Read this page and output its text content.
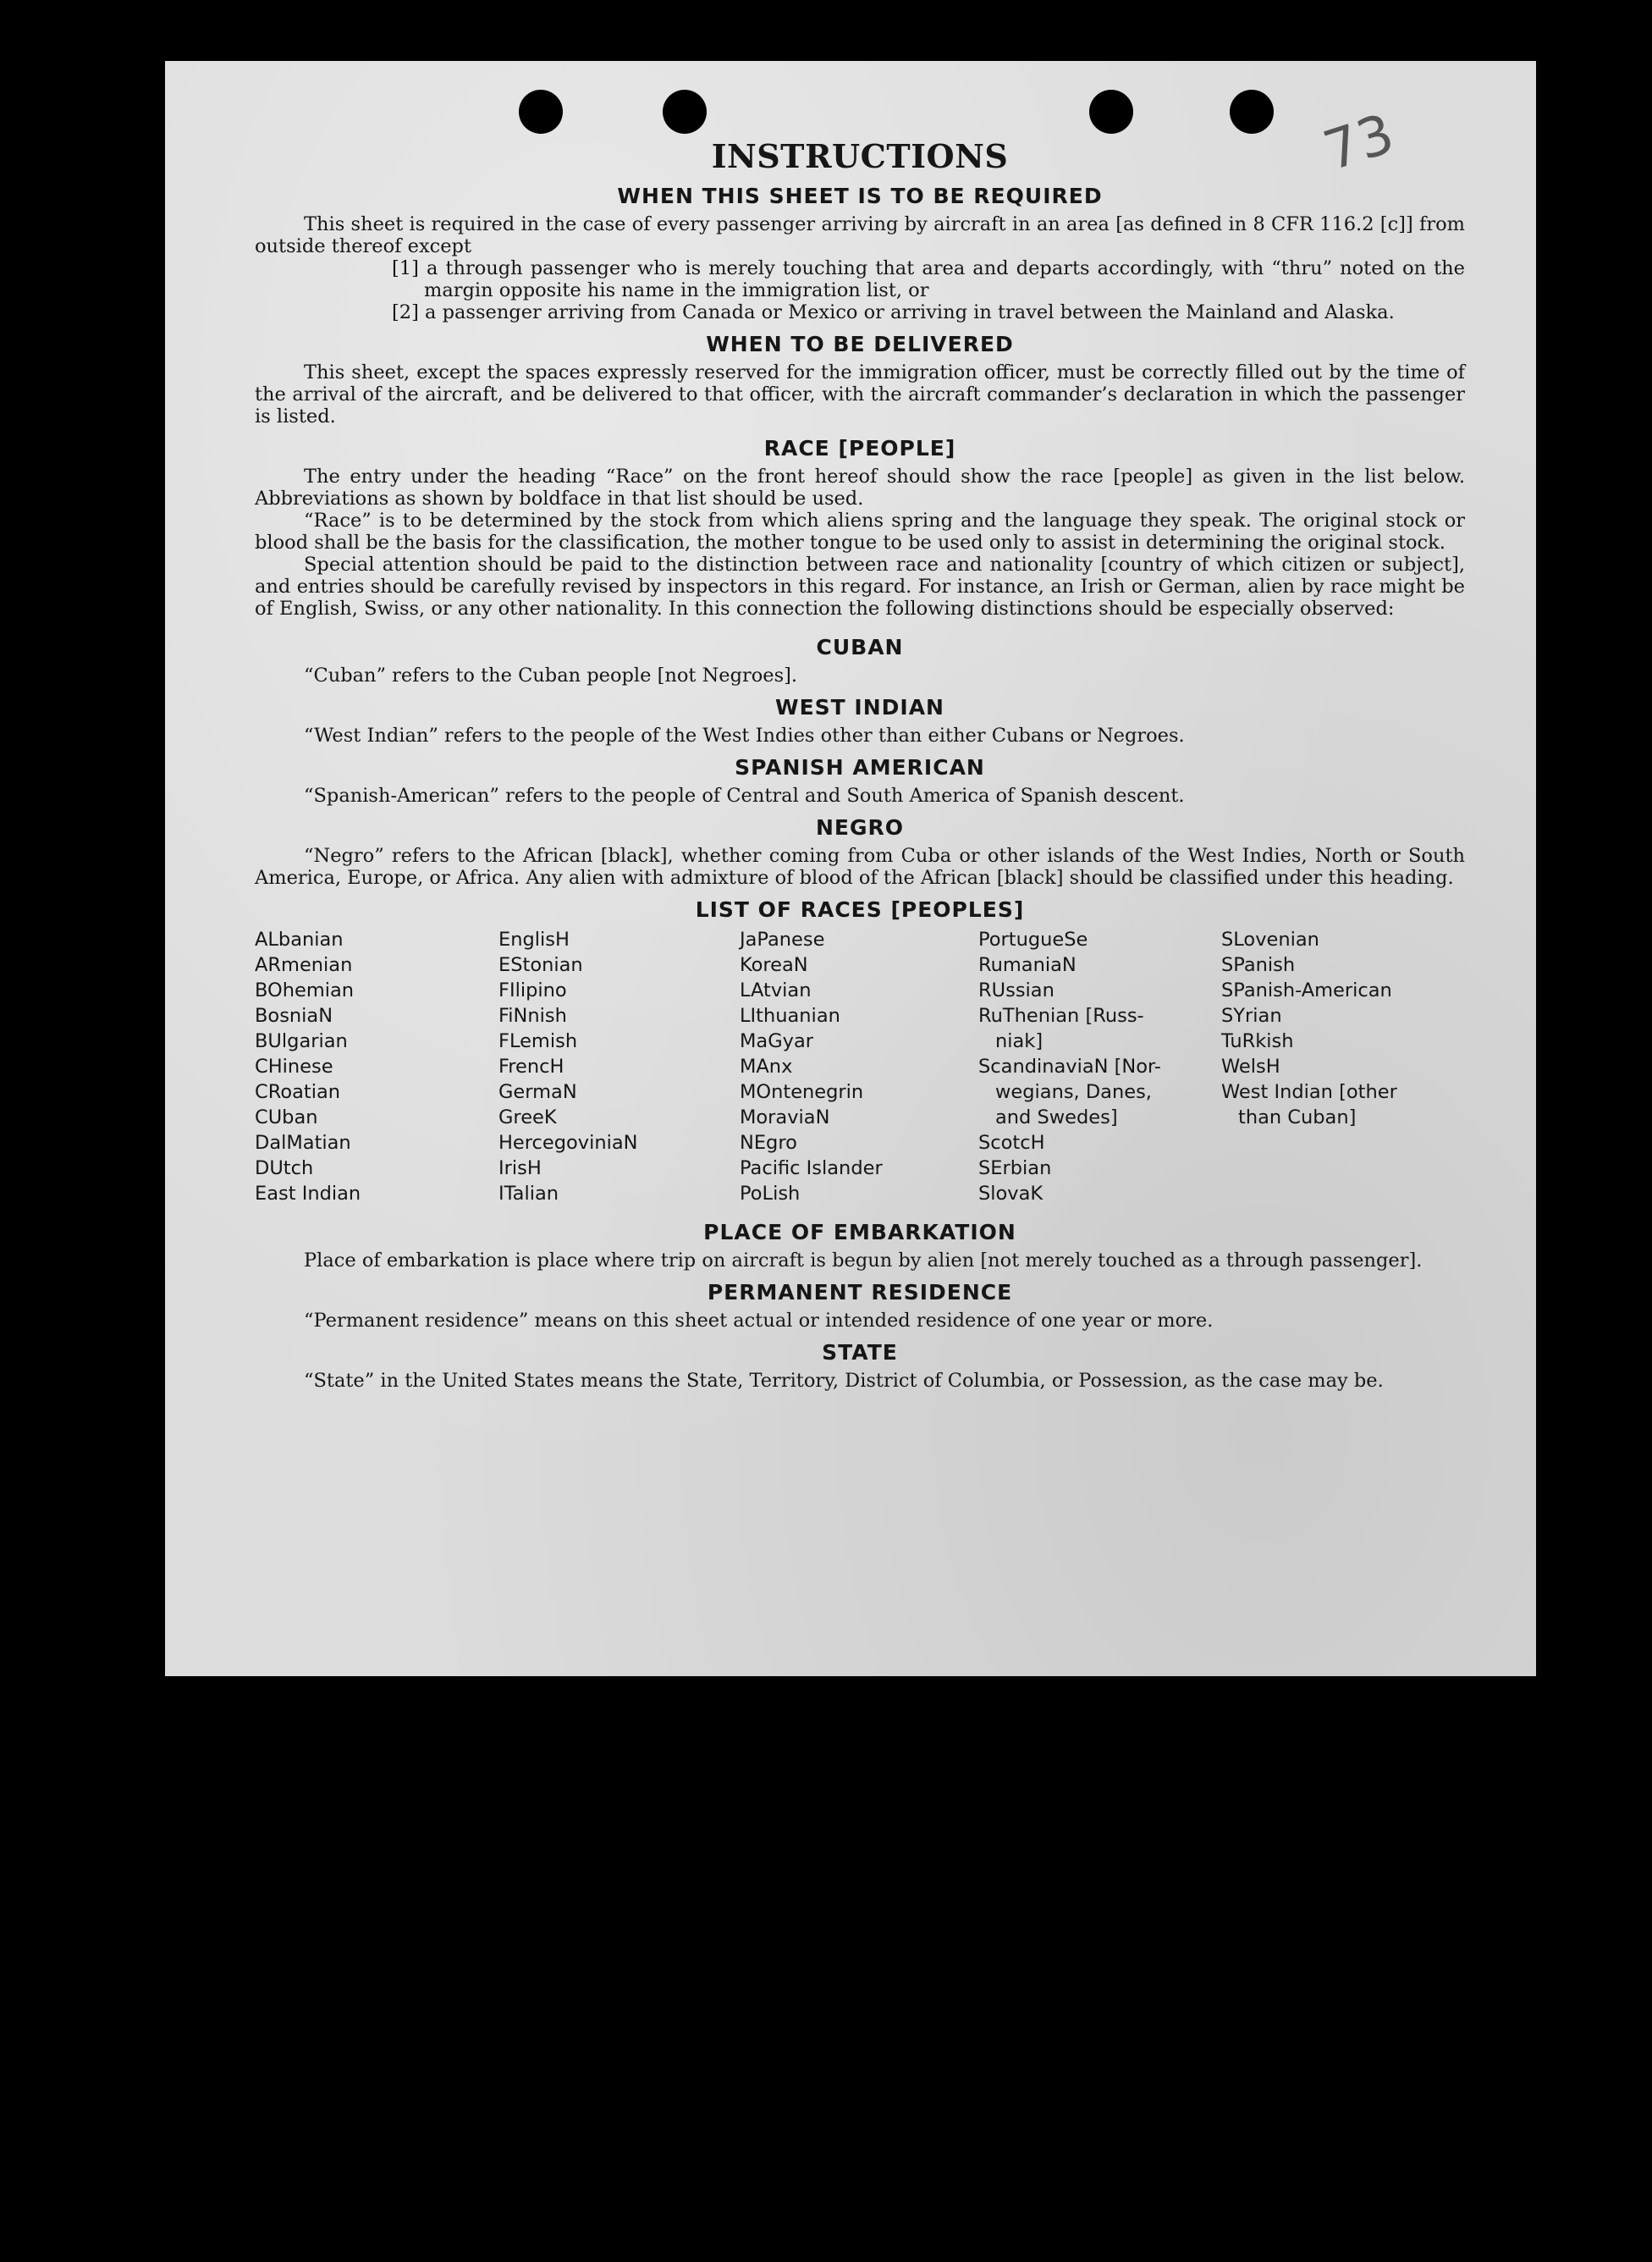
73
INSTRUCTIONS
WHEN THIS SHEET IS TO BE REQUIRED

This sheet is required in the case of every passenger arriving by aircraft in an area [as defined in 8 CFR 116.2 [c]] from outside thereof except

[1] a through passenger who is merely touching that area and departs accordingly, with “thru” noted on the margin opposite his name in the immigration list, or

[2] a passenger arriving from Canada or Mexico or arriving in travel between the Mainland and Alaska.

WHEN TO BE DELIVERED

This sheet, except the spaces expressly reserved for the immigration officer, must be correctly filled out by the time of the arrival of the aircraft, and be delivered to that officer, with the aircraft commander’s declaration in which the passenger is listed.

RACE [PEOPLE]

The entry under the heading “Race” on the front hereof should show the race [people] as given in the list below. Abbreviations as shown by boldface in that list should be used.

“Race” is to be determined by the stock from which aliens spring and the language they speak. The original stock or blood shall be the basis for the classification, the mother tongue to be used only to assist in determining the original stock.

Special attention should be paid to the distinction between race and nationality [country of which citizen or subject], and entries should be carefully revised by inspectors in this regard. For instance, an Irish or German, alien by race might be of English, Swiss, or any other nationality. In this connection the following distinctions should be especially observed:

CUBAN

“Cuban” refers to the Cuban people [not Negroes].

WEST INDIAN

“West Indian” refers to the people of the West Indies other than either Cubans or Negroes.

SPANISH AMERICAN

“Spanish-American” refers to the people of Central and South America of Spanish descent.

NEGRO

“Negro” refers to the African [black], whether coming from Cuba or other islands of the West Indies, North or South America, Europe, or Africa. Any alien with admixture of blood of the African [black] should be classified under this heading.

LIST OF RACES [PEOPLES]
ALbanian
ARmenian
BOhemian
BosniaN
BUlgarian
CHinese
CRoatian
CUban
DalMatian
DUtch
East Indian
EnglisH
EStonian
FIlipino
FiNnish
FLemish
FrencH
GermaN
GreeK
HercegoviniaN
IrisH
ITalian
JaPanese
KoreaN
LAtvian
LIthuanian
MaGyar
MAnx
MOntenegrin
MoraviaN
NEgro
Pacific Islander
PoLish
PortugueSe
RumaniaN
RUssian
RuThenian [Russ-
niak]
ScandinaviaN [Nor-
wegians, Danes,
and Swedes]
ScotcH
SErbian
SlovaK
SLovenian
SPanish
SPanish-American
SYrian
TuRkish
WelsH
West Indian [other
than Cuban]
PLACE OF EMBARKATION

Place of embarkation is place where trip on aircraft is begun by alien [not merely touched as a through passenger].

PERMANENT RESIDENCE

“Permanent residence” means on this sheet actual or intended residence of one year or more.

STATE

“State” in the United States means the State, Territory, District of Columbia, or Possession, as the case may be.
